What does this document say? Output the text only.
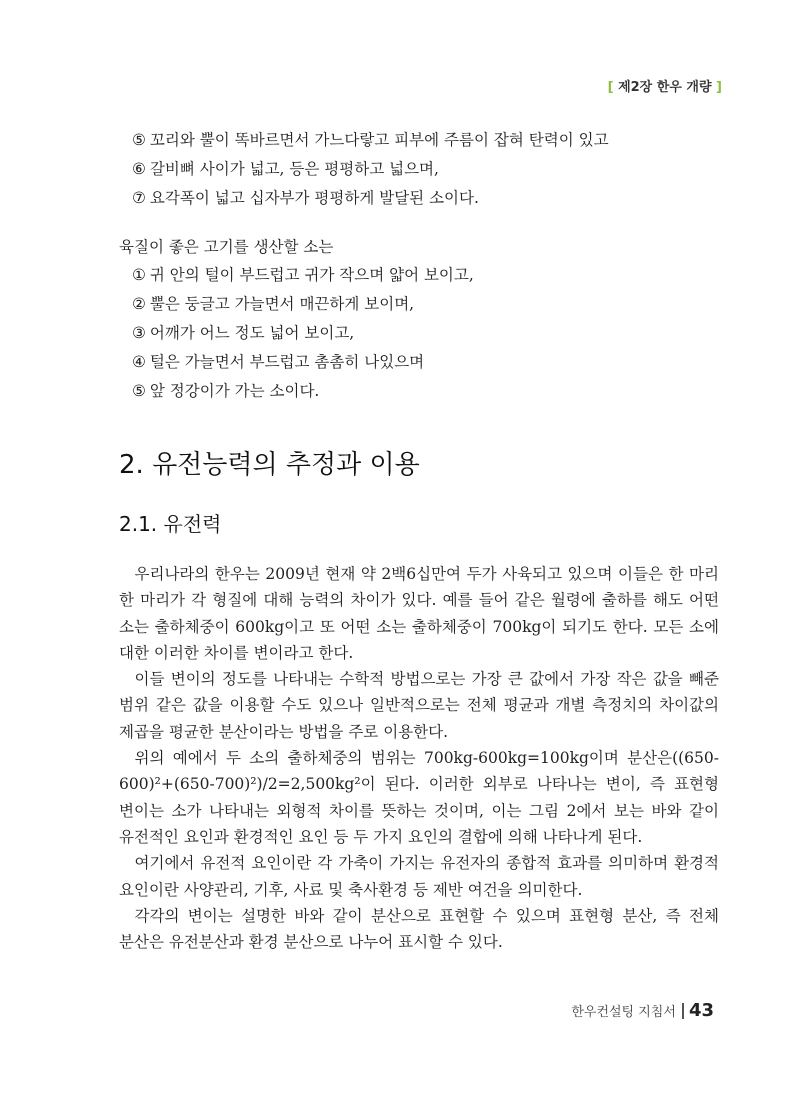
[ 제2장 한우 개량 ]
⑤ 꼬리와 뿔이 똑바르면서 가느다랗고 피부에 주름이 잡혀 탄력이 있고
⑥ 갈비뼈 사이가 넓고, 등은 평평하고 넓으며,
⑦ 요각폭이 넓고 십자부가 평평하게 발달된 소이다.
육질이 좋은 고기를 생산할 소는
① 귀 안의 털이 부드럽고 귀가 작으며 얇어 보이고,
② 뿔은 둥글고 가늘면서 매끈하게 보이며,
③ 어깨가 어느 정도 넓어 보이고,
④ 털은 가늘면서 부드럽고 촘촘히 나있으며
⑤ 앞 정강이가 가는 소이다.
2. 유전능력의 추정과 이용
2.1. 유전력

우리나라의 한우는 2009년 현재 약 2백6십만여 두가 사육되고 있으며 이들은 한 마리 한 마리가 각 형질에 대해 능력의 차이가 있다. 예를 들어 같은 월령에 출하를 해도 어떤 소는 출하체중이 600kg이고 또 어떤 소는 출하체중이 700kg이 되기도 한다. 모든 소에 대한 이러한 차이를 변이라고 한다.

이들 변이의 정도를 나타내는 수학적 방법으로는 가장 큰 값에서 가장 작은 값을 빼준 범위 같은 값을 이용할 수도 있으나 일반적으로는 전체 평균과 개별 측정치의 차이값의 제곱을 평균한 분산이라는 방법을 주로 이용한다.

위의 예에서 두 소의 출하체중의 범위는 700kg-600kg=100kg이며 분산은((650-600)²+(650-700)²)/2=2,500kg²이 된다. 이러한 외부로 나타나는 변이, 즉 표현형 변이는 소가 나타내는 외형적 차이를 뜻하는 것이며, 이는 그림 2에서 보는 바와 같이 유전적인 요인과 환경적인 요인 등 두 가지 요인의 결합에 의해 나타나게 된다.

여기에서 유전적 요인이란 각 가축이 가지는 유전자의 종합적 효과를 의미하며 환경적 요인이란 사양관리, 기후, 사료 및 축사환경 등 제반 여건을 의미한다.

각각의 변이는 설명한 바와 같이 분산으로 표현할 수 있으며 표현형 분산, 즉 전체 분산은 유전분산과 환경 분산으로 나누어 표시할 수 있다.

한우컨설팅 지침서 43
